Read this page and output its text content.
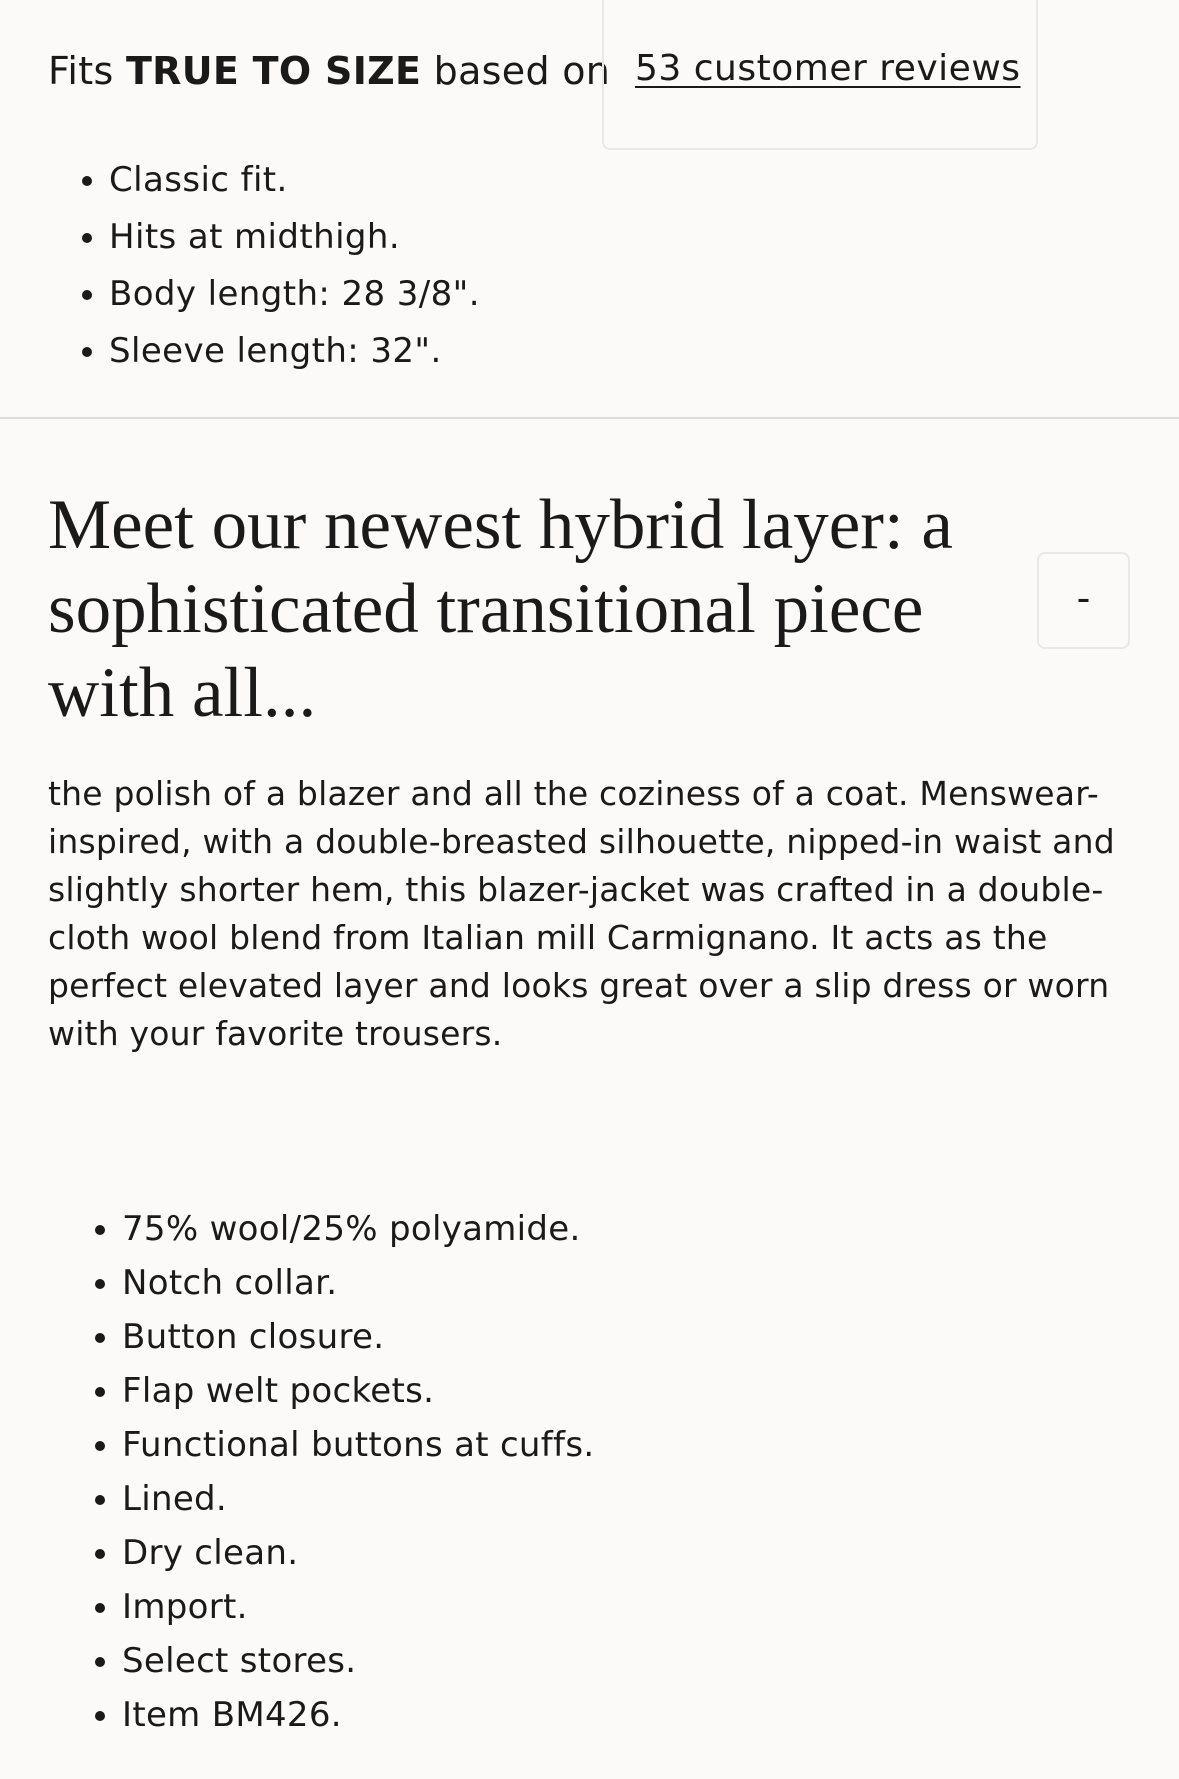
Fits
TRUE TO SIZE
based on 53 customer reviews
• Classic fit.
• Hits at midthigh.
• Body length: 28 3/8".
• Sleeve length: 32".
Meet our newest hybrid layer: a sophisticated transitional piece with all...
-

the polish of a blazer and all the coziness of a coat. Menswear-inspired, with a double-breasted silhouette, nipped-in waist and slightly shorter hem, this blazer-jacket was crafted in a double-cloth wool blend from Italian mill Carmignano. It acts as the perfect elevated layer and looks great over a slip dress or worn with your favorite trousers.

• 75% wool/25% polyamide.
• Notch collar.
• Button closure.
• Flap welt pockets.
• Functional buttons at cuffs.
• Lined.
• Dry clean.
• Import.
• Select stores.
• Item BM426.
